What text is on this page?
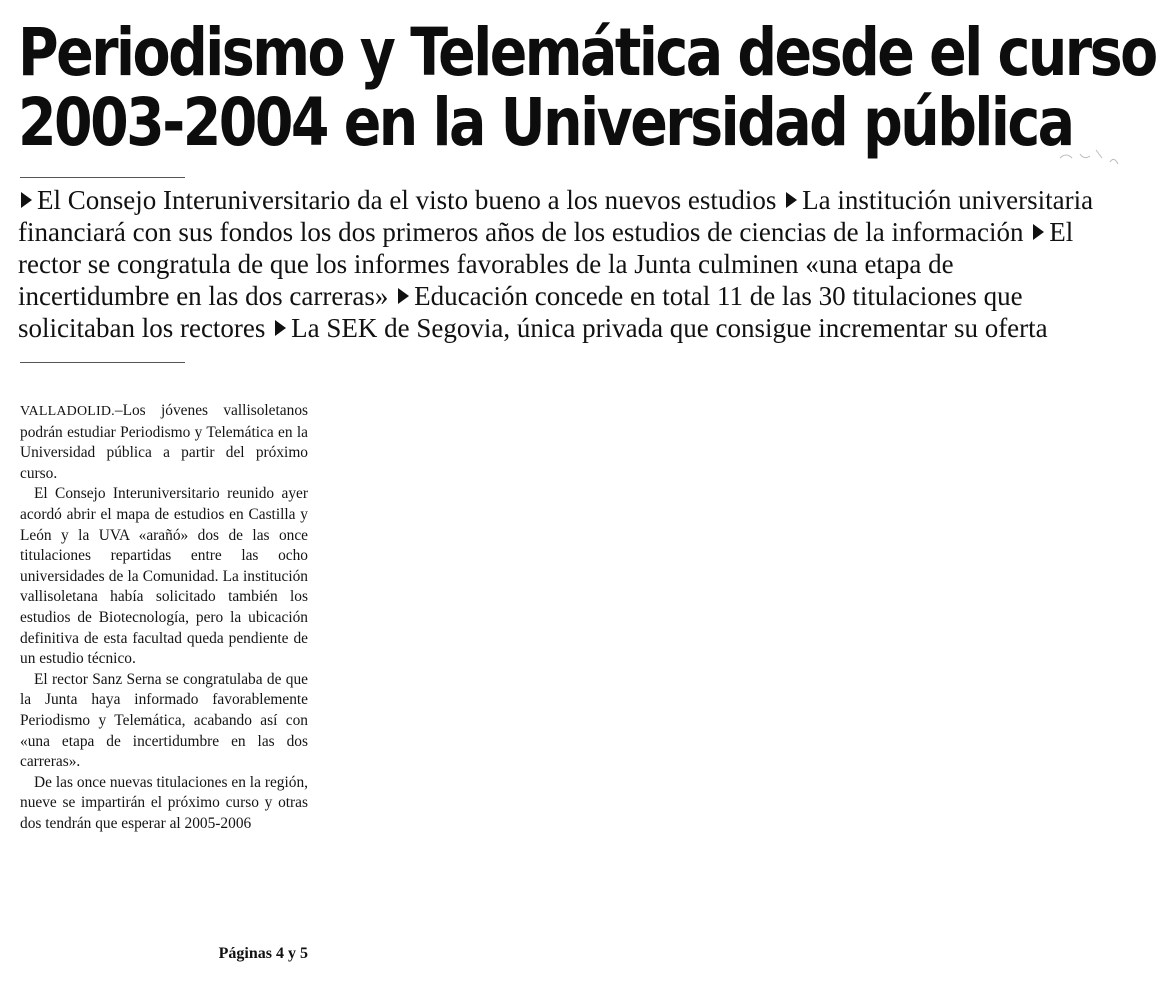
Periodismo y Telemática desde el curso
2003-2004 en la Universidad pública
El Consejo Interuniversitario da el visto bueno a los nuevos estudios La institución universitaria
financiará con sus fondos los dos primeros años de los estudios de ciencias de la información El
rector se congratula de que los informes favorables de la Junta culminen «una etapa de
incertidumbre en las dos carreras» Educación concede en total 11 de las 30 titulaciones que
solicitaban los rectores La SEK de Segovia, única privada que consigue incrementar su oferta

VALLADOLID.–Los jóvenes vallisoletanos podrán estudiar Periodismo y Telemática en la Universidad pública a partir del próximo curso.

El Consejo Interuniversitario reunido ayer acordó abrir el mapa de estudios en Castilla y León y la UVA «arañó» dos de las once titulaciones repartidas entre las ocho universidades de la Comunidad. La institución vallisoletana había solicitado también los estudios de Biotecnología, pero la ubicación definitiva de esta facultad queda pendiente de un estudio técnico.

El rector Sanz Serna se congratulaba de que la Junta haya informado favorablemente Periodismo y Telemática, acabando así con «una etapa de incertidumbre en las dos carreras».

De las once nuevas titulaciones en la región, nueve se impartirán el próximo curso y otras dos tendrán que esperar al 2005-2006

Páginas 4 y 5
